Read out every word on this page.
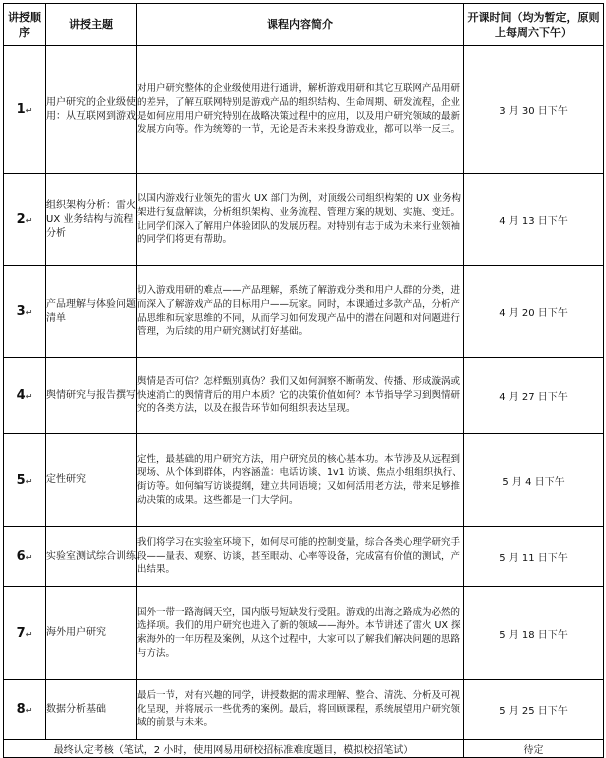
讲授顺序	讲授主题	课程内容简介	开课时间（均为暂定，原则上每周六下午）
1↵	用户研究的企业级使用：从互联网到游戏	对用户研究整体的企业级使用进行通讲，解析游戏用研和其它互联网产品用研的差异，了解互联网特别是游戏产品的组织结构、生命周期、研发流程，企业是如何应用用户研究特别在战略决策过程中的应用，以及用户研究领域的最新发展方向等。作为统筹的一节，无论是否未来投身游戏业，都可以举一反三。	3 月 30 日下午
2↵	组织架构分析：雷火 UX 业务结构与流程分析	以国内游戏行业领先的雷火 UX 部门为例，对顶级公司组织构架的 UX 业务构架进行复盘解读，分析组织架构、业务流程、管理方案的规划、实施、变迁。让同学们深入了解用户体验团队的发展历程。对特别有志于成为未来行业领袖的同学们将更有帮助。	4 月 13 日下午
3↵	产品理解与体验问题清单	切入游戏用研的难点——产品理解，系统了解游戏分类和用户人群的分类，进而深入了解游戏产品的目标用户——玩家。同时，本课通过多款产品，分析产品思维和玩家思维的不同，从而学习如何发现产品中的潜在问题和对问题进行管理，为后续的用户研究测试打好基础。	4 月 20 日下午
4↵	舆情研究与报告撰写	舆情是否可信？怎样甄别真伪？我们又如何洞察不断萌发、传播、形成漩涡或快速消亡的舆情背后的用户本质？它的决策价值如何？本节指导学习到舆情研究的各类方法，以及在报告环节如何组织表达呈现。	4 月 27 日下午
5↵	定性研究	定性，最基础的用户研究方法，用户研究员的核心基本功。本节涉及从远程到现场、从个体到群体，内容涵盖：电话访谈、1v1 访谈、焦点小组组织执行、街访等。如何编写访谈提纲，建立共同语境；又如何活用老方法，带来足够推动决策的成果。这些都是一门大学问。	5 月 4 日下午
6↵	实验室测试综合训练	我们将学习在实验室环境下，如何尽可能的控制变量，综合各类心理学研究手段——量表、观察、访谈，甚至眼动、心率等设备，完成富有价值的测试，产出结果。	5 月 11 日下午
7↵	海外用户研究	国外一带一路海阔天空，国内版号短缺发行受阻。游戏的出海之路成为必然的选择项。我们的用户研究也进入了新的领域——海外。本节讲述了雷火 UX 探索海外的一年历程及案例，从这个过程中，大家可以了解我们解决问题的思路与方法。	5 月 18 日下午
8↵	数据分析基础	最后一节，对有兴趣的同学，讲授数据的需求理解、整合、清洗、分析及可视化呈现，并将展示一些优秀的案例。最后，将回顾课程，系统展望用户研究领域的前景与未来。	5 月 25 日下午
最终认定考核（笔试，2 小时，使用网易用研校招标准难度题目，模拟校招笔试）			待定
